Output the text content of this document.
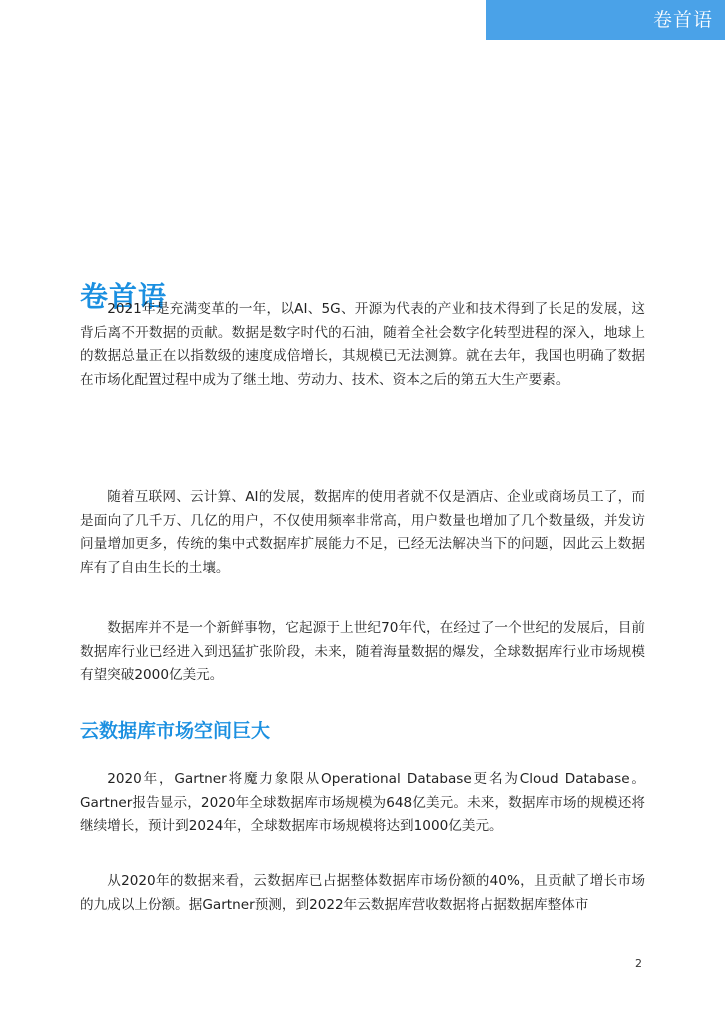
卷首语
卷首语

2021年是充满变革的一年，以AI、5G、开源为代表的产业和技术得到了长足的发展，这背后离不开数据的贡献。数据是数字时代的石油，随着全社会数字化转型进程的深入，地球上的数据总量正在以指数级的速度成倍增长，其规模已无法测算。就在去年，我国也明确了数据在市场化配置过程中成为了继土地、劳动力、技术、资本之后的第五大生产要素。

随着互联网、云计算、AI的发展，数据库的使用者就不仅是酒店、企业或商场员工了，而是面向了几千万、几亿的用户，不仅使用频率非常高，用户数量也增加了几个数量级，并发访问量增加更多，传统的集中式数据库扩展能力不足，已经无法解决当下的问题，因此云上数据库有了自由生长的土壤。

数据库并不是一个新鲜事物，它起源于上世纪70年代，在经过了一个世纪的发展后，目前数据库行业已经进入到迅猛扩张阶段，未来，随着海量数据的爆发，全球数据库行业市场规模有望突破2000亿美元。

云数据库市场空间巨大

2020年，Gartner将魔力象限从Operational Database更名为Cloud Database。Gartner报告显示，2020年全球数据库市场规模为648亿美元。未来，数据库市场的规模还将继续增长，预计到2024年，全球数据库市场规模将达到1000亿美元。

从2020年的数据来看，云数据库已占据整体数据库市场份额的40%，且贡献了增长市场的九成以上份额。据Gartner预测，到2022年云数据库营收数据将占据数据库整体市

2
